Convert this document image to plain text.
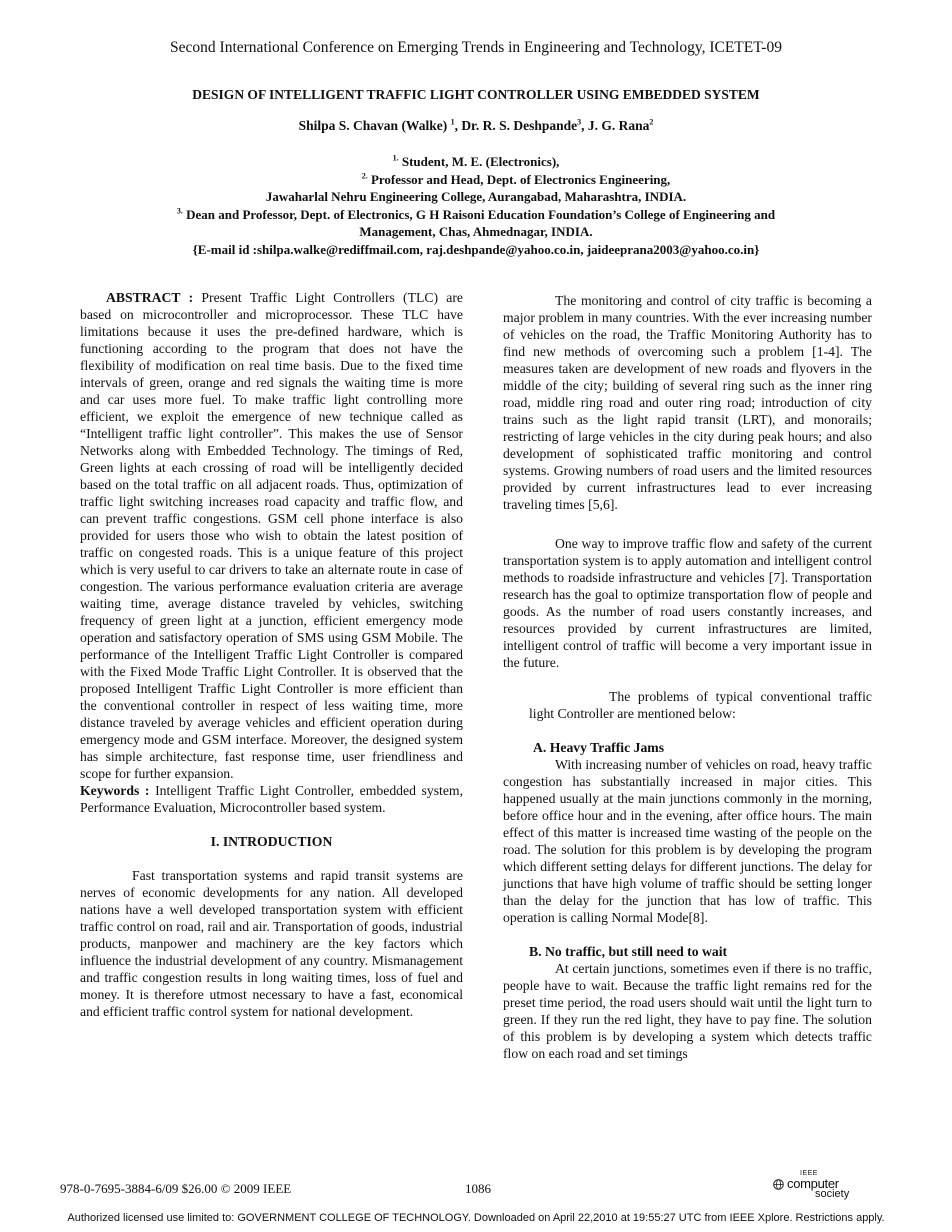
Second International Conference on Emerging Trends in Engineering and Technology, ICETET-09
DESIGN OF INTELLIGENT TRAFFIC LIGHT CONTROLLER USING EMBEDDED SYSTEM
Shilpa S. Chavan (Walke) $^1$, Dr. R. S. Deshpande$^3$, J. G. Rana$^2$
$^{1.}$ Student, M. E. (Electronics),
$^{2.}$ Professor and Head, Dept. of Electronics Engineering,
Jawaharlal Nehru Engineering College, Aurangabad, Maharashtra, INDIA.
$^{3.}$ Dean and Professor, Dept. of Electronics, G H Raisoni Education Foundation’s College of Engineering and
Management, Chas, Ahmednagar, INDIA.
{E-mail id :shilpa.walke@rediffmail.com, raj.deshpande@yahoo.co.in, jaideeprana2003@yahoo.co.in}

ABSTRACT : Present Traffic Light Controllers (TLC) are based on microcontroller and microprocessor. These TLC have limitations because it uses the pre-defined hardware, which is functioning according to the program that does not have the flexibility of modification on real time basis. Due to the fixed time intervals of green, orange and red signals the waiting time is more and car uses more fuel. To make traffic light controlling more efficient, we exploit the emergence of new technique called as “Intelligent traffic light controller”. This makes the use of Sensor Networks along with Embedded Technology. The timings of Red, Green lights at each crossing of road will be intelligently decided based on the total traffic on all adjacent roads. Thus, optimization of traffic light switching increases road capacity and traffic flow, and can prevent traffic congestions. GSM cell phone interface is also provided for users those who wish to obtain the latest position of traffic on congested roads. This is a unique feature of this project which is very useful to car drivers to take an alternate route in case of congestion. The various performance evaluation criteria are average waiting time, average distance traveled by vehicles, switching frequency of green light at a junction, efficient emergency mode operation and satisfactory operation of SMS using GSM Mobile. The performance of the Intelligent Traffic Light Controller is compared with the Fixed Mode Traffic Light Controller. It is observed that the proposed Intelligent Traffic Light Controller is more efficient than the conventional controller in respect of less waiting time, more distance traveled by average vehicles and efficient operation during emergency mode and GSM interface. Moreover, the designed system has simple architecture, fast response time, user friendliness and scope for further expansion.

Keywords : Intelligent Traffic Light Controller, embedded system, Performance Evaluation, Microcontroller based system.

I. INTRODUCTION

Fast transportation systems and rapid transit systems are nerves of economic developments for any nation. All developed nations have a well developed transportation system with efficient traffic control on road, rail and air. Transportation of goods, industrial products, manpower and machinery are the key factors which influence the industrial development of any country. Mismanagement and traffic congestion results in long waiting times, loss of fuel and money. It is therefore utmost necessary to have a fast, economical and efficient traffic control system for national development.

The monitoring and control of city traffic is becoming a major problem in many countries. With the ever increasing number of vehicles on the road, the Traffic Monitoring Authority has to find new methods of overcoming such a problem [1-4]. The measures taken are development of new roads and flyovers in the middle of the city; building of several ring such as the inner ring road, middle ring road and outer ring road; introduction of city trains such as the light rapid transit (LRT), and monorails; restricting of large vehicles in the city during peak hours; and also development of sophisticated traffic monitoring and control systems. Growing numbers of road users and the limited resources provided by current infrastructures lead to ever increasing traveling times [5,6].

One way to improve traffic flow and safety of the current transportation system is to apply automation and intelligent control methods to roadside infrastructure and vehicles [7]. Transportation research has the goal to optimize transportation flow of people and goods. As the number of road users constantly increases, and resources provided by current infrastructures are limited, intelligent control of traffic will become a very important issue in the future.

The problems of typical conventional traffic light Controller are mentioned below:

A. Heavy Traffic Jams

With increasing number of vehicles on road, heavy traffic congestion has substantially increased in major cities. This happened usually at the main junctions commonly in the morning, before office hour and in the evening, after office hours. The main effect of this matter is increased time wasting of the people on the road. The solution for this problem is by developing the program which different setting delays for different junctions. The delay for junctions that have high volume of traffic should be setting longer than the delay for the junction that has low of traffic. This operation is calling Normal Mode[8].

B. No traffic, but still need to wait

At certain junctions, sometimes even if there is no traffic, people have to wait. Because the traffic light remains red for the preset time period, the road users should wait until the light turn to green. If they run the red light, they have to pay fine. The solution of this problem is by developing a system which detects traffic flow on each road and set timings

978-0-7695-3884-6/09 $26.00 © 2009 IEEE	1086
IEEE
computer
society
Authorized licensed use limited to: GOVERNMENT COLLEGE OF TECHNOLOGY. Downloaded on April 22,2010 at 19:55:27 UTC from IEEE Xplore. Restrictions apply.
